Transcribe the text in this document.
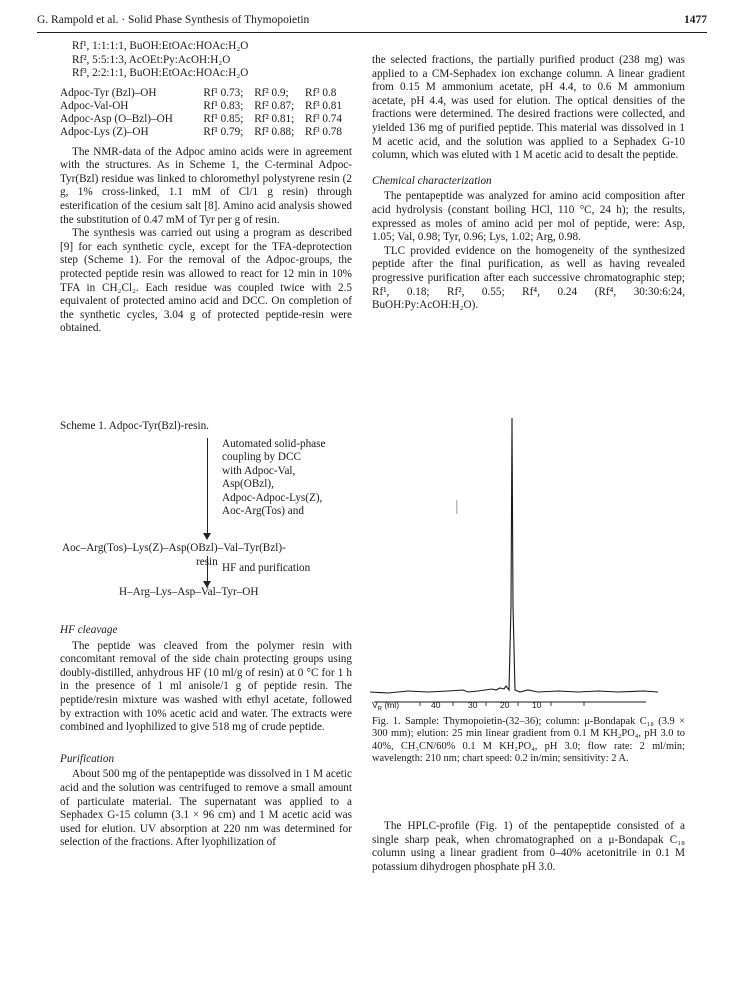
G. Rampold et al. · Solid Phase Synthesis of Thymopoietin	1477

Rf¹, 1:1:1:1, BuOH:EtOAc:HOAc:H₂O

Rf², 5:5:1:3, AcOEt:Py:AcOH:H₂O

Rf³, 2:2:1:1, BuOH:EtOAc:HOAc:H₂O

Adpoc-Tyr (Bzl)–OH	Rf¹ 0.73;	Rf² 0.9;	Rf³ 0.8
Adpoc-Val-OH	Rf¹ 0.83;	Rf² 0.87;	Rf³ 0.81
Adpoc-Asp (O–Bzl)–OH	Rf¹ 0.85;	Rf² 0.81;	Rf³ 0.74
Adpoc-Lys (Z)–OH	Rf¹ 0.79;	Rf² 0.88;	Rf³ 0.78

The NMR-data of the Adpoc amino acids were in agreement with the structures. As in Scheme 1, the C-terminal Adpoc-Tyr(Bzl) residue was linked to chloromethyl polystyrene resin (2 g, 1% cross-linked, 1.1 mM of Cl/1 g resin) through esterification of the cesium salt [8]. Amino acid analysis showed the substitution of 0.47 mM of Tyr per g of resin.

The synthesis was carried out using a program as described [9] for each synthetic cycle, except for the TFA-deprotection step (Scheme 1). For the removal of the Adpoc-groups, the protected peptide resin was allowed to react for 12 min in 10% TFA in CH₂Cl₂. Each residue was coupled twice with 2.5 equivalent of protected amino acid and DCC. On completion of the synthetic cycles, 3.04 g of protected peptide-resin were obtained.

Scheme 1. Adpoc-Tyr(Bzl)-resin.
Automated solid-phase
coupling by DCC
with Adpoc-Val,
Asp(OBzl),
Adpoc-Adpoc-Lys(Z),
Aoc-Arg(Tos) and
Aoc–Arg(Tos)–Lys(Z)–Asp(OBzl)–Val–Tyr(Bzl)-
resin HF and purification
H–Arg–Lys–Asp–Val–Tyr–OH

HF cleavage

The peptide was cleaved from the polymer resin with concomitant removal of the side chain protecting groups using doubly-distilled, anhydrous HF (10 ml/g of resin) at 0 °C for 1 h in the presence of 1 ml anisole/1 g of peptide resin. The peptide/resin mixture was washed with ethyl acetate, followed by extraction with 10% acetic acid and water. The extracts were combined and lyophilized to give 518 mg of crude peptide.

Purification

About 500 mg of the pentapeptide was dissolved in 1 M acetic acid and the solution was centrifuged to remove a small amount of particulate material. The supernatant was applied to a Sephadex G-15 column (3.1 × 96 cm) and 1 M acetic acid was used for elution. UV absorption at 220 nm was determined for selection of the fractions. After lyophilization of

the selected fractions, the partially purified product (238 mg) was applied to a CM-Sephadex ion exchange column. A linear gradient from 0.15 M ammonium acetate, pH 4.4, to 0.6 M ammonium acetate, pH 4.4, was used for elution. The optical densities of the fractions were determined. The desired fractions were collected, and yielded 136 mg of purified peptide. This material was dissolved in 1 M acetic acid, and the solution was applied to a Sephadex G-10 column, which was eluted with 1 M acetic acid to desalt the peptide.

Chemical characterization

The pentapeptide was analyzed for amino acid composition after acid hydrolysis (constant boiling HCl, 110 °C, 24 h); the results, expressed as moles of amino acid per mol of peptide, were: Asp, 1.05; Val, 0.98; Tyr, 0.96; Lys, 1.02; Arg, 0.98.

TLC provided evidence on the homogeneity of the synthesized peptide after the final purification, as well as having revealed progressive purification after each successive chromatographic step; Rf¹, 0.18; Rf², 0.55; Rf⁴, 0.24 (Rf⁴, 30:30:6:24, BuOH:Py:AcOH:H₂O).

$V_R$ (ml)	40	30	20	10
Fig. 1. Sample: Thymopoietin-(32–36); column: μ-Bondapak C₁₈ (3.9 × 300 mm); elution: 25 min linear gradient from 0.1 M KH₂PO₄, pH 3.0 to 40%, CH₃CN/60% 0.1 M KH₂PO₄, pH 3.0; flow rate: 2 ml/min; wavelength: 210 nm; chart speed: 0.2 in/min; sensitivity: 2 A.

The HPLC-profile (Fig. 1) of the pentapeptide consisted of a single sharp peak, when chromatographed on a μ-Bondapak C₁₈ column using a linear gradient from 0–40% acetonitrile in 0.1 M potassium dihydrogen phosphate pH 3.0.
